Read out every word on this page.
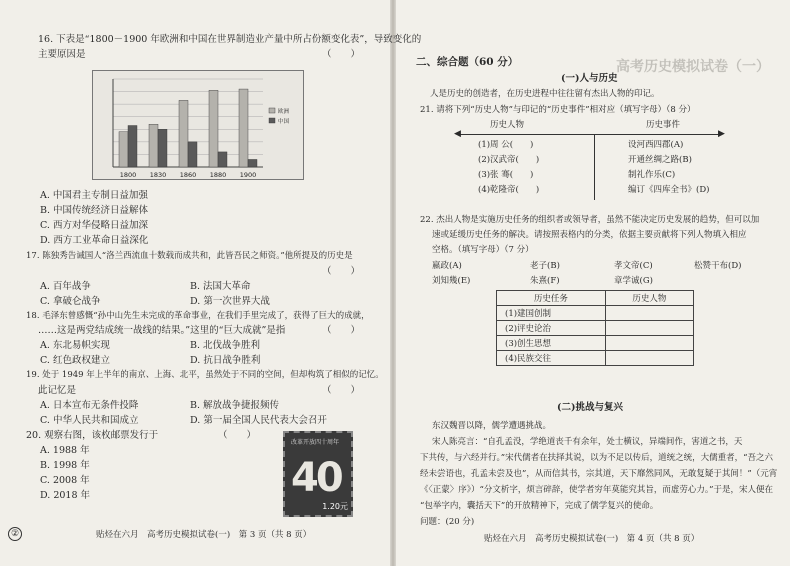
16. 下表是“1800－1900 年欧洲和中国在世界制造业产量中所占份额变化表”，导致变化的
主要原因是	（　　）
1800 1830 1860 1880 1900
欧洲
中国
A. 中国君主专制日益加强
B. 中国传统经济日益解体
C. 西方对华侵略日益加深
D. 西方工业革命日益深化
17. 陈独秀告诫国人“洛兰西流血十数载而成共和，此皆吾民之师资。”他所提及的历史是
（　　）
A. 百年战争	B. 法国大革命
C. 拿破仑战争	D. 第一次世界大战
18. 毛泽东曾感慨“孙中山先生未完成的革命事业，在我们手里完成了，获得了巨大的成就，
……这是两党结成统一战线的结果。”这里的“巨大成就”是指	（　　）
A. 东北易帜实现	B. 北伐战争胜利
C. 红色政权建立	D. 抗日战争胜利
19. 处于 1949 年上半年的南京、上海、北平，虽然处于不同的空间，但却构筑了相似的记忆。
此记忆是	（　　）
A. 日本宣布无条件投降	B. 解放战争捷报频传
C. 中华人民共和国成立	D. 第一届全国人民代表大会召开
20. 观察右图，该枚邮票发行于	（　　）
A. 1988 年
B. 1998 年
C. 2008 年
D. 2018 年
改革开放四十周年
40
1.20元
②	贴烃在六月　高考历史模拟试卷(一)　第 3 页（共 8 页）
高考历史模拟试卷（一）
二、综合题（60 分）
(一)人与历史
人是历史的创造者，在历史进程中往往留有杰出人物的印记。
21. 请将下列“历史人物”与印记的“历史事件”相对应（填写字母）（8 分）
历史人物	历史事件
◀	▶
(1)周 公(　　)
(2)汉武帝(　　)
(3)张 骞(　　)
(4)乾隆帝(　　)
设河西四郡(A)
开通丝绸之路(B)
制礼作乐(C)
编订《四库全书》(D)
22. 杰出人物是实施历史任务的组织者或领导者，虽然不能决定历史发展的趋势，但可以加
速或延缓历史任务的解决。请按照表格内的分类，依据主要贡献将下列人物填入相应
空格。（填写字母）（7 分）
嬴政(A)	老子(B)	孝文帝(C)	松赞干布(D)
刘知幾(E)	朱熹(F)	章学诚(G)
历史任务	历史人物
(1)建国创制	
(2)评史论治	
(3)创生思想	
(4)民族交往	
(二)挑战与复兴
东汉魏晋以降，儒学遭遇挑战。
宋人陈亮言：“自孔孟没，学绝道丧千有余年，处士横议，异端间作，害道之书，天
下共传，与六经并行。”宋代儒者在扶择其说，以为不足以传后，道统之统，大儒重者，“吾之六
经未尝语也，孔孟未尝及也”，从而信其书，宗其道，天下靡然同风，无敢复疑于其间！”（元宵
《〈正蒙〉序》）“分文析字，烦言碎辞，使学者穷年莫能究其旨，而虚劳心力。”于是，宋人便在
“包举字内，囊括天下”的开放精神下，完成了儒学复兴的使命。
问题：(20 分)
贴烃在六月　高考历史模拟试卷(一)　第 4 页（共 8 页）
